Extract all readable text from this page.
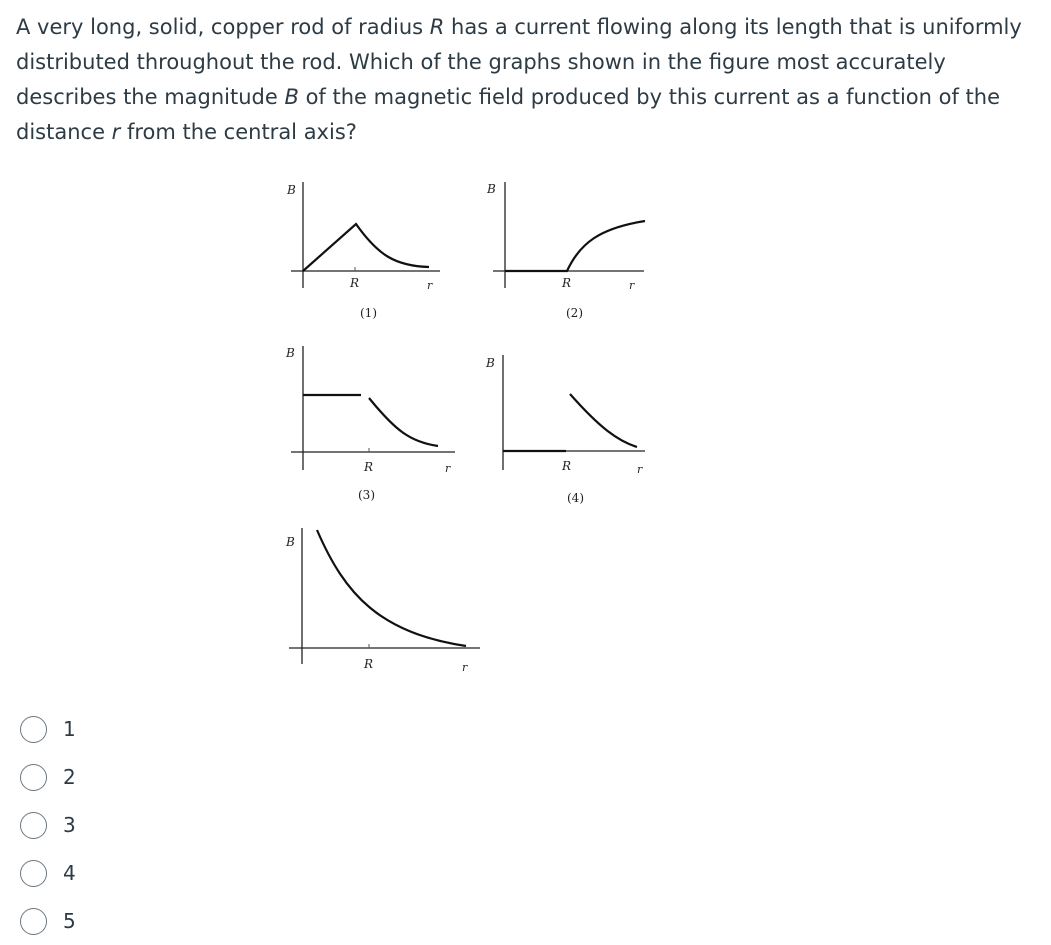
A very long, solid, copper rod of radius R has a current flowing along its length that is uniformly distributed throughout the rod. Which of the graphs shown in the figure most accurately describes the magnitude B of the magnetic field produced by this current as a function of the distance r from the central axis?

B
R	r
(1)
B
R	r
(2)
B
R	r
(3)
B
R	r
(4)
B
R	r
1
2
3
4
5
